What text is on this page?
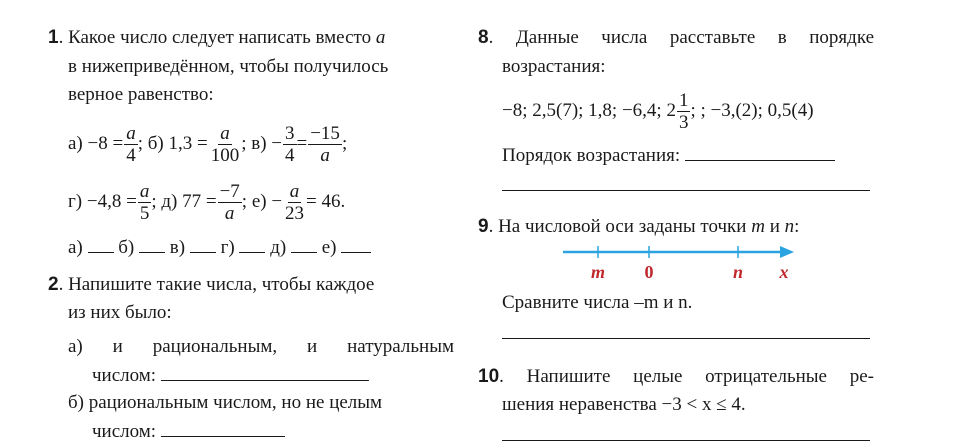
1. Какое число следует написать вместо a
в нижеприведённом, чтобы получилось
верное равенство:
$а) -8 = \frac{a}{4}$ ;
б) $1,3 = \frac{a}{100}$ ;
$в) - \frac{3}{4} = \frac{-15}{a}$ ;
$г) -4,8 = \frac{a}{5}$ ;
д) $77 = \frac{-7}{a}$ ;
$е) - \frac{a}{23} = 46$.
а) б) в) г) д) е)
2. Напишите такие числа, чтобы каждое
из них было:
а) и рациональным, и натуральным
числом:
б) рациональным числом, но не целым
числом:
8. Данные числа расставьте в порядке
возрастания:
−8; 2,5(7); 1,8; −6,4; $2 \frac{1}{3}$ ; ; −3,(2); 0,5(4)
Порядок возрастания:
9. На числовой оси заданы точки m и n:
m 0	n x
Сравните числа –m и n.
10. Напишите целые отрицательные ре-
шения неравенства −3 < x ≤ 4.
